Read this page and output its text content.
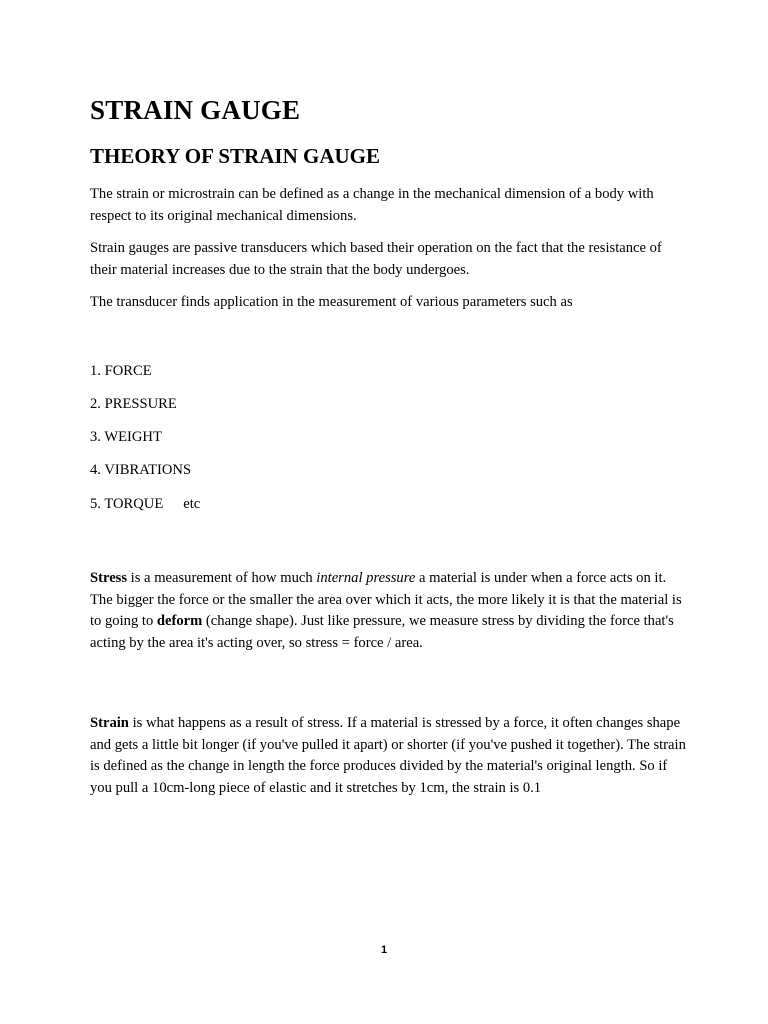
STRAIN GAUGE
THEORY OF STRAIN GAUGE

The strain or microstrain can be defined as a change in the mechanical dimension of a body with respect to its original mechanical dimensions.

Strain gauges are passive transducers which based their operation on the fact that the resistance of their material increases due to the strain that the body undergoes.

The transducer finds application in the measurement of various parameters such as

1. FORCE
2. PRESSURE
3. WEIGHT
4. VIBRATIONS
5. TORQUE etc

Stress is a measurement of how much internal pressure a material is under when a force acts on it. The bigger the force or the smaller the area over which it acts, the more likely it is that the material is to going to deform (change shape). Just like pressure, we measure stress by dividing the force that's acting by the area it's acting over, so stress = force / area.

Strain is what happens as a result of stress. If a material is stressed by a force, it often changes shape and gets a little bit longer (if you've pulled it apart) or shorter (if you've pushed it together). The strain is defined as the change in length the force produces divided by the material's original length. So if you pull a 10cm-long piece of elastic and it stretches by 1cm, the strain is 0.1

1
